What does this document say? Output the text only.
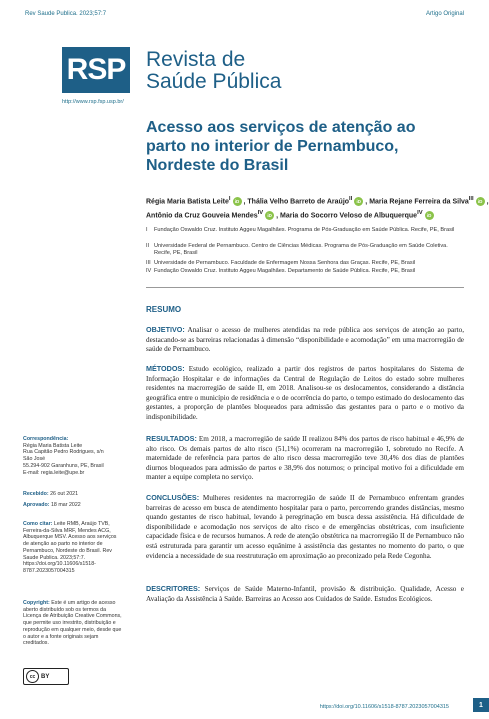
Rev Saude Publica. 2023;57:7	Artigo Original
RSP Revista de
Saúde Pública
http://www.rsp.fsp.usp.br/
Acesso aos serviços de atenção ao parto no interior de Pernambuco, Nordeste do Brasil
Régia Maria Batista Leite$^I$ iD , Thália Velho Barreto de Araújo$^{II}$ iD , Maria Rejane Ferreira da Silva$^{III}$ iD ,
Antônio da Cruz Gouveia Mendes$^{IV}$ iD , Maria do Socorro Veloso de Albuquerque$^{IV}$ iD
I Fundação Oswaldo Cruz. Instituto Aggeu Magalhães. Programa de Pós-Graduação em Saúde Pública. Recife, PE, Brasil
II Universidade Federal de Pernambuco. Centro de Ciências Médicas. Programa de Pós-Graduação em Saúde Coletiva. Recife, PE, Brasil
III Universidade de Pernambuco. Faculdade de Enfermagem Nossa Senhora das Graças. Recife, PE, Brasil
IV Fundação Oswaldo Cruz. Instituto Aggeu Magalhães. Departamento de Saúde Pública. Recife, PE, Brasil
RESUMO
OBJETIVO: Analisar o acesso de mulheres atendidas na rede pública aos serviços de atenção ao parto, destacando-se as barreiras relacionadas à dimensão “disponibilidade e acomodação” em uma macrorregião de saúde de Pernambuco.
MÉTODOS: Estudo ecológico, realizado a partir dos registros de partos hospitalares do Sistema de Informação Hospitalar e de informações da Central de Regulação de Leitos do estado sobre mulheres residentes na macrorregião de saúde II, em 2018. Analisou-se os deslocamentos, considerando a distância geográfica entre o município de residência e o de ocorrência do parto, o tempo estimado do deslocamento das gestantes, a proporção de plantões bloqueados para admissão das gestantes para o parto e o motivo da indisponibilidade.
RESULTADOS: Em 2018, a macrorregião de saúde II realizou 84% dos partos de risco habitual e 46,9% de alto risco. Os demais partos de alto risco (51,1%) ocorreram na macrorregião I, sobretudo no Recife. A maternidade de referência para partos de alto risco dessa macrorregião teve 30,4% dos dias de plantões diurnos bloqueados para admissão de partos e 38,9% dos noturnos; o principal motivo foi a dificuldade em manter a equipe completa no serviço.
CONCLUSÕES: Mulheres residentes na macrorregião de saúde II de Pernambuco enfrentam grandes barreiras de acesso em busca de atendimento hospitalar para o parto, percorrendo grandes distâncias, mesmo quando gestantes de risco habitual, levando à peregrinação em busca dessa assistência. Há dificuldade de disponibilidade e acomodação nos serviços de alto risco e de emergências obstétricas, com insuficiente capacidade física e de recursos humanos. A rede de atenção obstétrica na macrorregião II de Pernambuco não está estruturada para garantir um acesso equânime à assistência das gestantes no momento do parto, o que evidencia a necessidade de sua reestruturação em aproximação ao preconizado pela Rede Cegonha.
DESCRITORES: Serviços de Saúde Materno-Infantil, provisão & distribuição. Qualidade, Acesso e Avaliação da Assistência à Saúde. Barreiras ao Acesso aos Cuidados de Saúde. Estudos Ecológicos.
Correspondência:
Régia Maria Batista Leite
Rua Capitão Pedro Rodrigues, s/n
São José
55.294-902 Garanhuns, PE, Brasil
E-mail: regia.leite@upe.br
Recebido: 26 out 2021
Aprovado: 18 mar 2022
Como citar: Leite RMB, Araújo TVB, Ferreira-da-Silva MRF, Mendes ACG, Albuquerque MSV. Acesso aos serviços de atenção ao parto no interior de Pernambuco, Nordeste do Brasil. Rev Saude Publica. 2023;57:7. https://doi.org/10.11606/s1518-8787.2023057004315
Copyright: Este é um artigo de acesso aberto distribuído sob os termos da Licença de Atribuição Creative Commons, que permite uso irrestrito, distribuição e reprodução em qualquer meio, desde que o autor e a fonte originais sejam creditados.
cc BY
https://doi.org/10.11606/s1518-8787.2023057004315	1
